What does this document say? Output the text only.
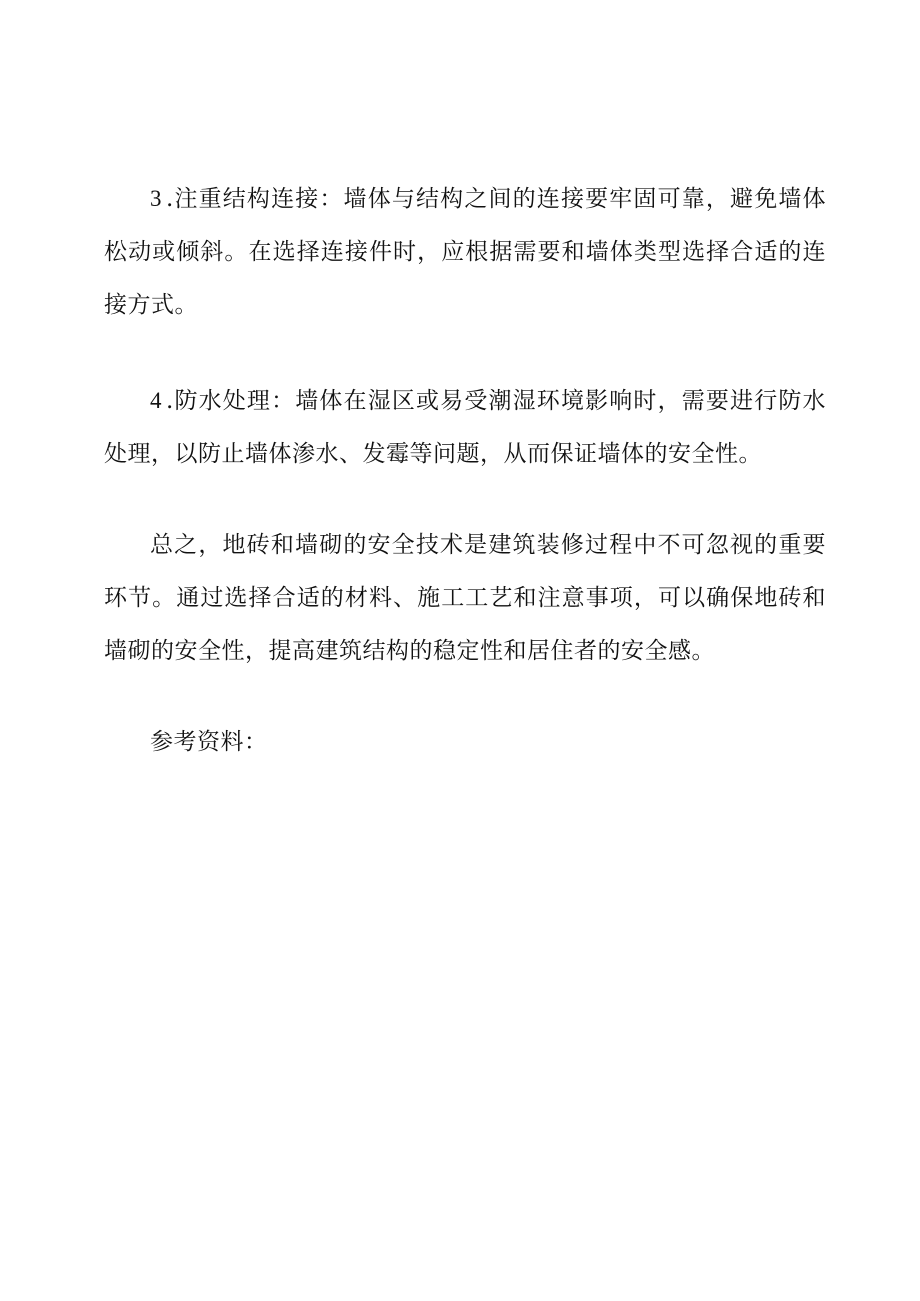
3 .注重结构连接：墙体与结构之间的连接要牢固可靠，避免墙体松动或倾斜。在选择连接件时，应根据需要和墙体类型选择合适的连接方式。

4 .防水处理：墙体在湿区或易受潮湿环境影响时，需要进行防水处理，以防止墙体渗水、发霉等问题，从而保证墙体的安全性。

总之，地砖和墙砌的安全技术是建筑装修过程中不可忽视的重要环节。通过选择合适的材料、施工工艺和注意事项，可以确保地砖和墙砌的安全性，提高建筑结构的稳定性和居住者的安全感。

参考资料：
